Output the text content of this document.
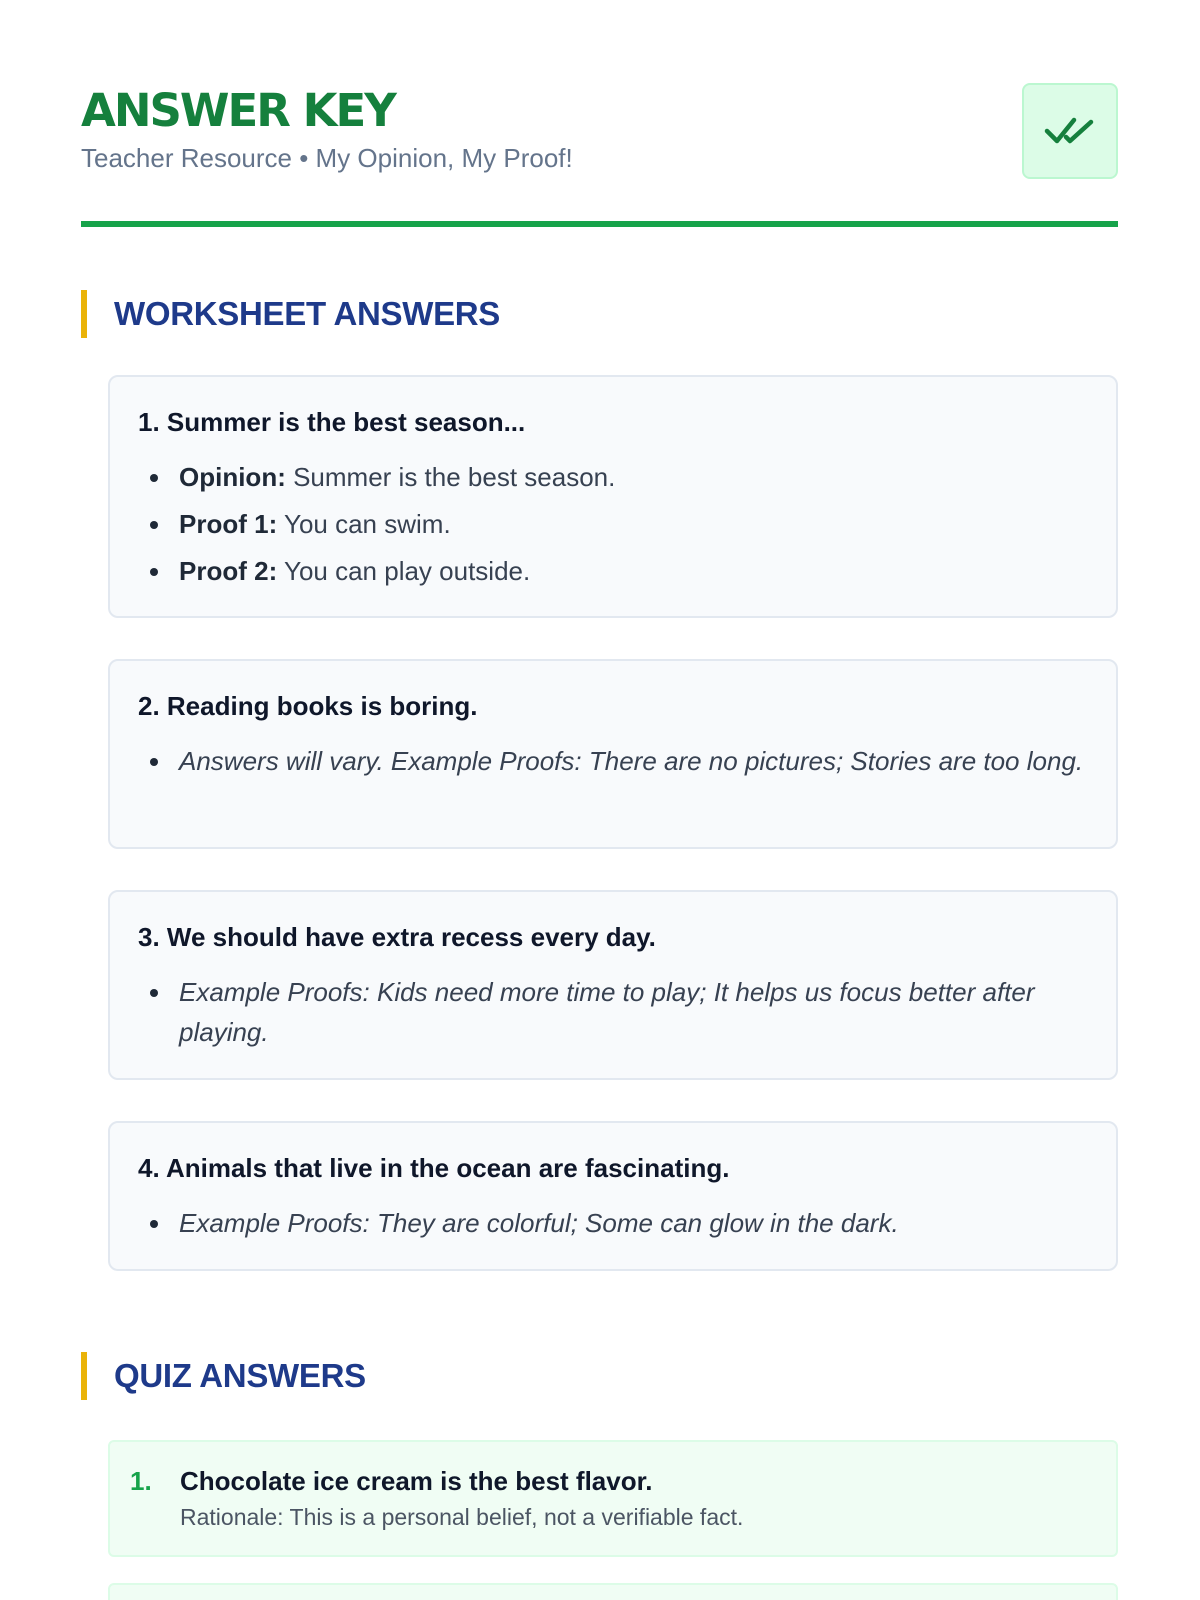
ANSWER KEY
Teacher Resource • My Opinion, My Proof!
WORKSHEET ANSWERS
1. Summer is the best season...
Opinion: Summer is the best season.
Proof 1: You can swim.
Proof 2: You can play outside.
2. Reading books is boring.
Answers will vary. Example Proofs: There are no pictures; Stories are too long.
3. We should have extra recess every day.
Example Proofs: Kids need more time to play; It helps us focus better after playing.
4. Animals that live in the ocean are fascinating.
Example Proofs: They are colorful; Some can glow in the dark.
QUIZ ANSWERS
1.	Chocolate ice cream is the best flavor.
Rationale: This is a personal belief, not a verifiable fact.
